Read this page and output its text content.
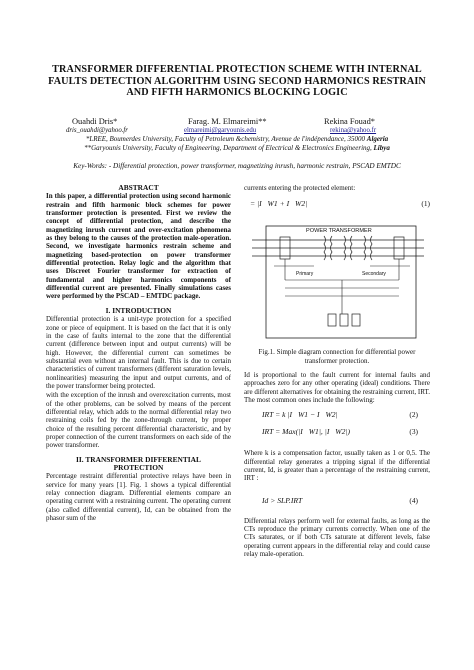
TRANSFORMER DIFFERENTIAL PROTECTION SCHEME WITH INTERNAL FAULTS DETECTION ALGORITHM USING SECOND HARMONICS RESTRAIN AND FIFTH HARMONICS BLOCKING LOGIC
Ouahdi Dris*	Farag. M. Elmareimi**	Rekina Fouad*
dris_ouahdi@yahoo.fr	elmareimi@garyounis.edu	rekina@yahoo.fr
*LREE, Boumerdes University, Faculty of Petroleum &chemistry, Avenue de l'indépendance, 35000 Algeria
**Garyounis University, Faculty of Engineering, Department of Electrical & Electronics Engineering, Libya
Key-Words: - Differential protection, power transformer, magnetizing inrush, harmonic restrain, PSCAD EMTDC
ABSTRACT

In this paper, a differential protection using second harmonic restrain and fifth harmonic block schemes for power transformer protection is presented. First we review the concept of differential protection, and describe the magnetizing inrush current and over-excitation phenomena as they belong to the causes of the protection male-operation. Second, we investigate harmonics restrain scheme and magnetizing based-protection on power transformer differential protection. Relay logic and the algorithm that uses Discreet Fourier transformer for extraction of fundamental and higher harmonics components of differential current are presented. Finally simulations cases were performed by the PSCAD – EMTDC package.

I. INTRODUCTION

Differential protection is a unit-type protection for a specified zone or piece of equipment. It is based on the fact that it is only in the case of faults internal to the zone that the differential current (difference between input and output currents) will be high. However, the differential current can sometimes be substantial even without an internal fault. This is due to certain characteristics of current transformers (different saturation levels, nonlinearities) measuring the input and output currents, and of the power transformer being protected.

with the exception of the inrush and overexcitation currents, most of the other problems, can be solved by means of the percent differential relay, which adds to the normal differential relay two restraining coils fed by the zone-through current, by proper choice of the resulting percent differential characteristic, and by proper connection of the current transformers on each side of the power transformer.

II. TRANSFORMER DIFFERENTIAL
PROTECTION

Percentage restraint differential protective relays have been in service for many years [1]. Fig. 1 shows a typical differential relay connection diagram. Differential elements compare an operating current with a restraining current. The operating current (also called differential current), Id, can be obtained from the phasor sum of the

currents entering the protected element:

= |I⃗W1 + I⃗W2|	(1)
POWER TRANSFORMER
Primary	Secondary

Fig.1. Simple diagram connection for differential power transformer protection.

Id is proportional to the fault current for internal faults and approaches zero for any other operating (ideal) conditions. There are different alternatives for obtaining the restraining current, IRT. The most common ones include the following:

IRT = k |I⃗W1 − I⃗W2|	(2)
IRT = Max(|I⃗W1|, |I⃗W2|)	(3)

Where k is a compensation factor, usually taken as 1 or 0,5. The differential relay generates a tripping signal if the differential current, Id, is greater than a percentage of the restraining current, IRT :

Id > SLP.IRT	(4)

Differential relays perform well for external faults, as long as the CTs reproduce the primary currents correctly. When one of the CTs saturates, or if both CTs saturate at different levels, false operating current appears in the differential relay and could cause relay male-operation.
